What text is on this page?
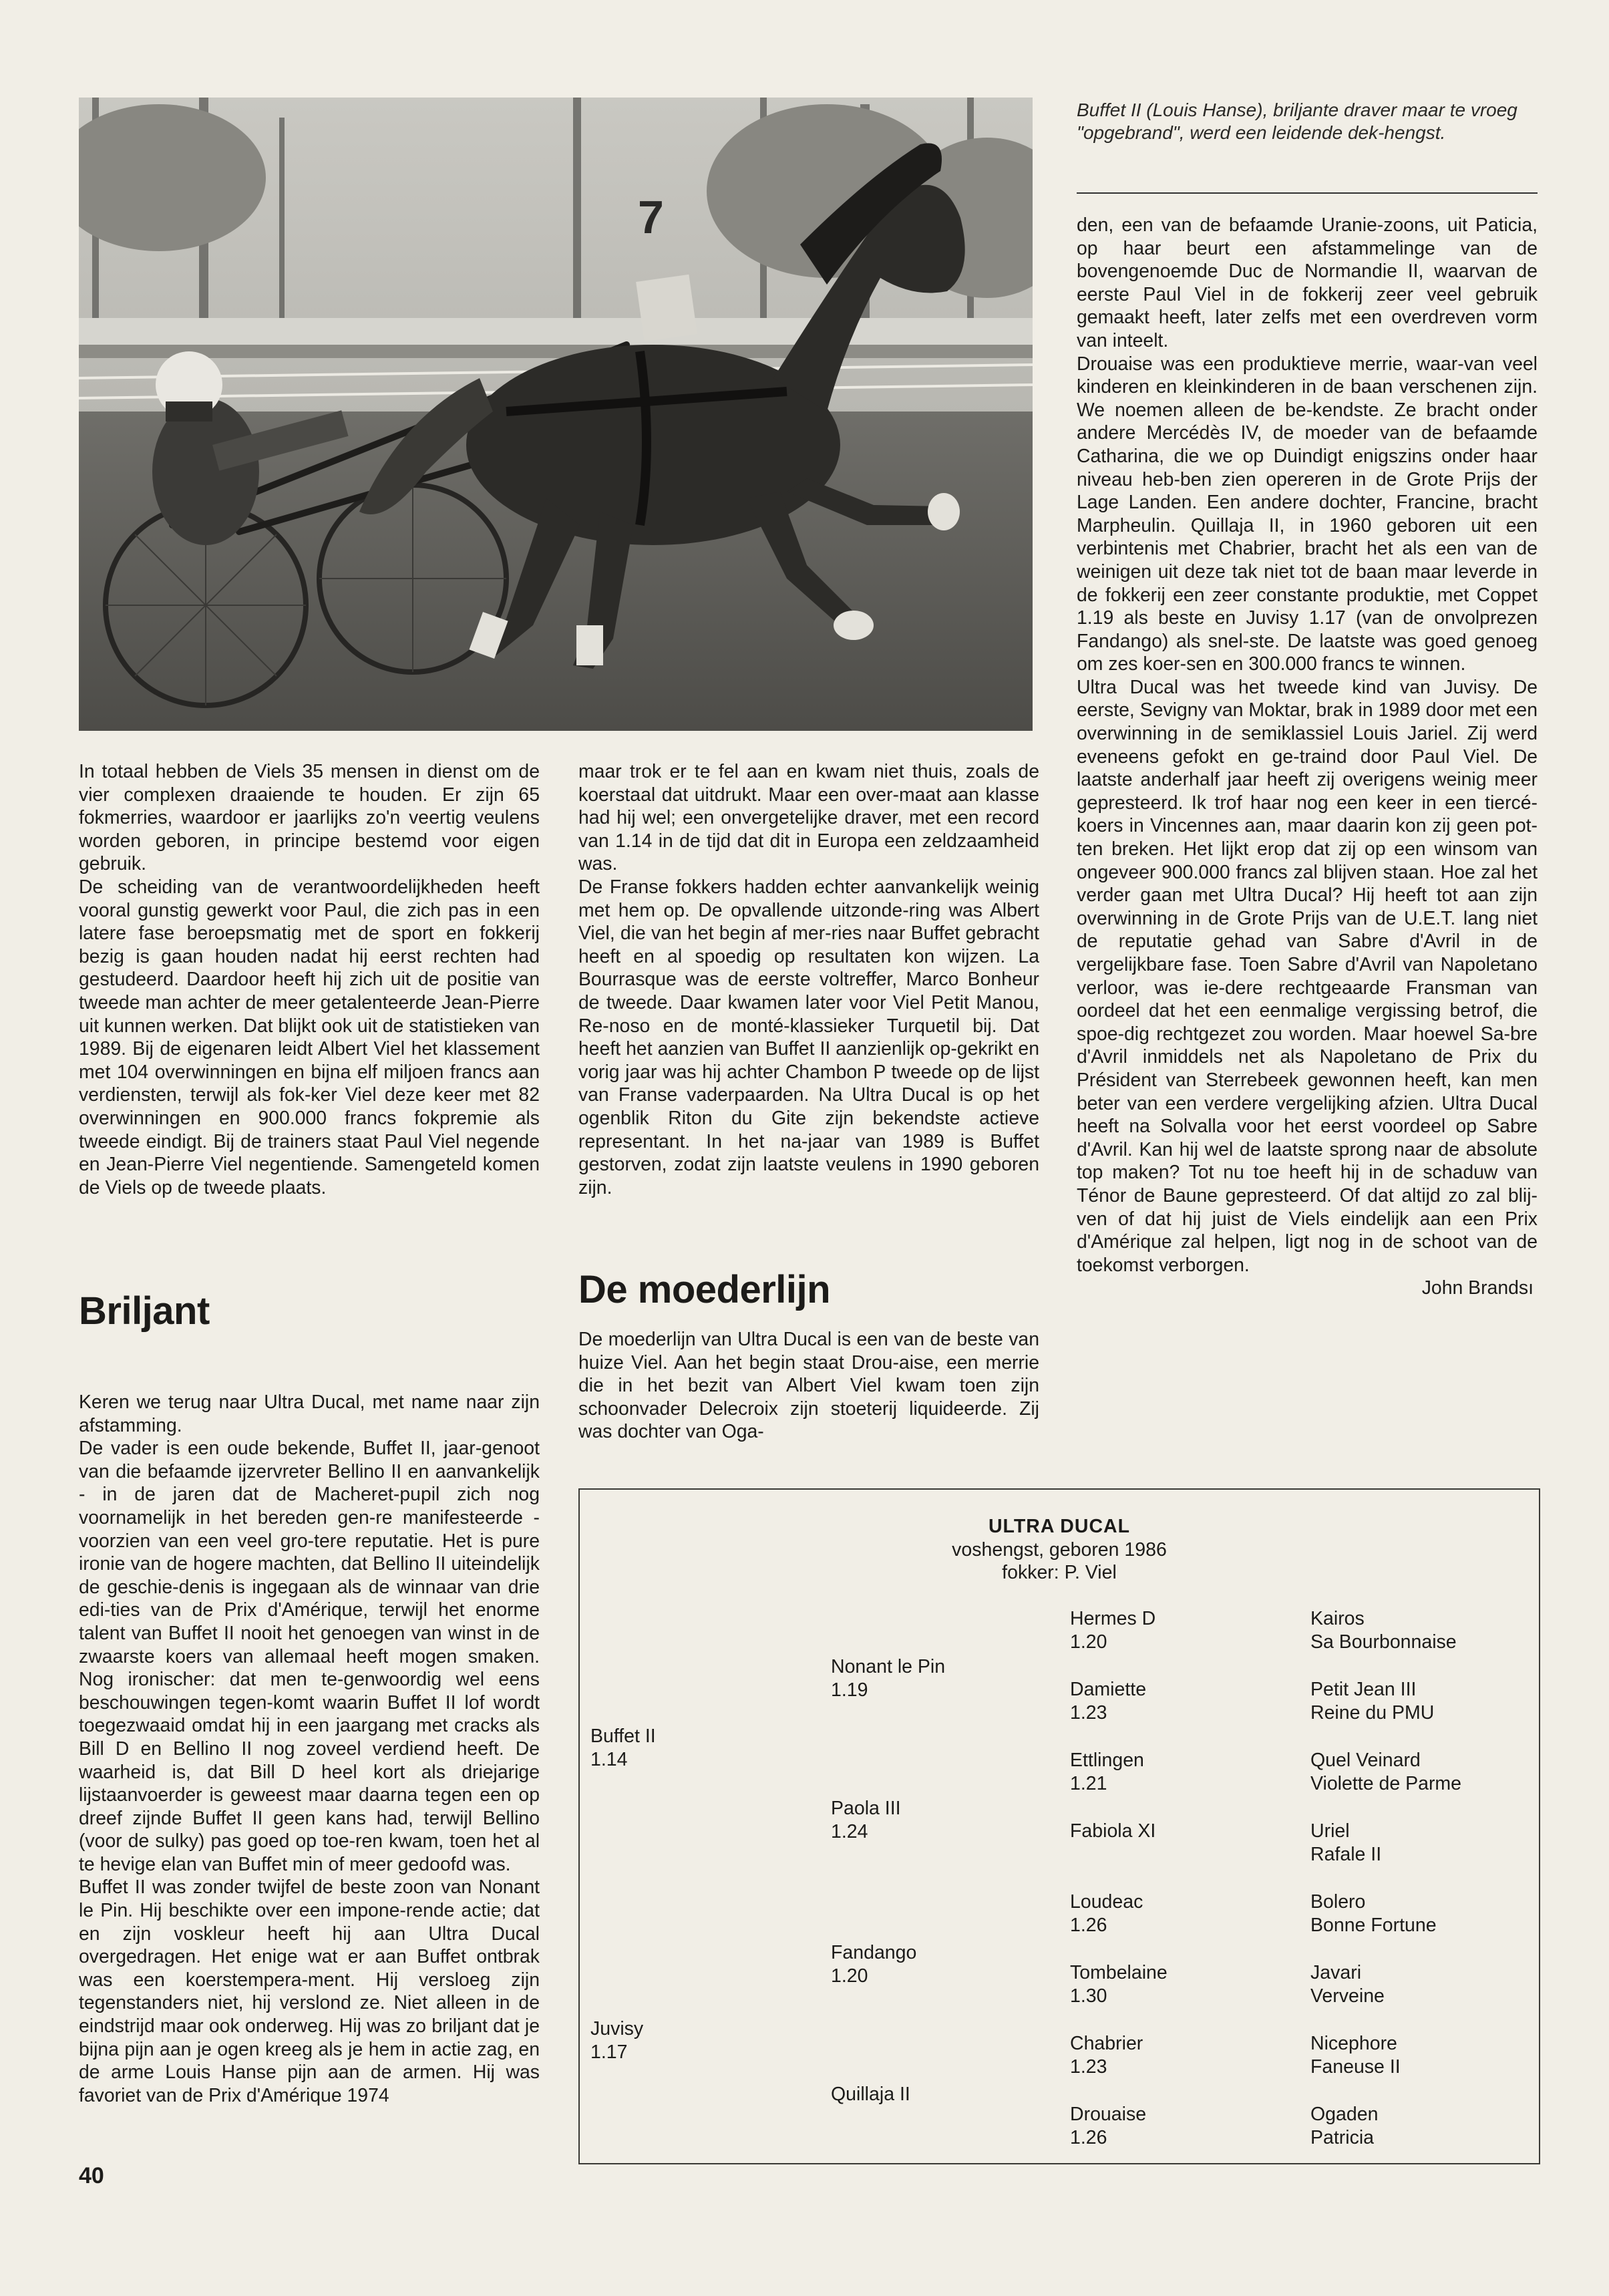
7
Buffet II (Louis Hanse), briljante draver maar te vroeg "opgebrand", werd een leidende dek-hengst.

In totaal hebben de Viels 35 mensen in dienst om de vier complexen draaiende te houden. Er zijn 65 fokmerries, waardoor er jaarlijks zo'n veertig veulens worden geboren, in principe bestemd voor eigen gebruik.

De scheiding van de verantwoordelijkheden heeft vooral gunstig gewerkt voor Paul, die zich pas in een latere fase beroepsmatig met de sport en fokkerij bezig is gaan houden nadat hij eerst rechten had gestudeerd. Daardoor heeft hij zich uit de positie van tweede man achter de meer getalenteerde Jean-Pierre uit kunnen werken. Dat blijkt ook uit de statistieken van 1989. Bij de eigenaren leidt Albert Viel het klassement met 104 overwinningen en bijna elf miljoen francs aan verdiensten, terwijl als fok-ker Viel deze keer met 82 overwinningen en 900.000 francs fokpremie als tweede eindigt. Bij de trainers staat Paul Viel negende en Jean-Pierre Viel negentiende. Samengeteld komen de Viels op de tweede plaats.

Briljant

Keren we terug naar Ultra Ducal, met name naar zijn afstamming.

De vader is een oude bekende, Buffet II, jaar-genoot van die befaamde ijzervreter Bellino II en aanvankelijk - in de jaren dat de Macheret-pupil zich nog voornamelijk in het bereden gen-re manifesteerde - voorzien van een veel gro-tere reputatie. Het is pure ironie van de hogere machten, dat Bellino II uiteindelijk de geschie-denis is ingegaan als de winnaar van drie edi-ties van de Prix d'Amérique, terwijl het enorme talent van Buffet II nooit het genoegen van winst in de zwaarste koers van allemaal heeft mogen smaken. Nog ironischer: dat men te-genwoordig wel eens beschouwingen tegen-komt waarin Buffet II lof wordt toegezwaaid omdat hij in een jaargang met cracks als Bill D en Bellino II nog zoveel verdiend heeft. De waarheid is, dat Bill D heel kort als driejarige lijstaanvoerder is geweest maar daarna tegen een op dreef zijnde Buffet II geen kans had, terwijl Bellino (voor de sulky) pas goed op toe-ren kwam, toen het al te hevige elan van Buffet min of meer gedoofd was.

Buffet II was zonder twijfel de beste zoon van Nonant le Pin. Hij beschikte over een impone-rende actie; dat en zijn voskleur heeft hij aan Ultra Ducal overgedragen. Het enige wat er aan Buffet ontbrak was een koerstempera-ment. Hij versloeg zijn tegenstanders niet, hij verslond ze. Niet alleen in de eindstrijd maar ook onderweg. Hij was zo briljant dat je bijna pijn aan je ogen kreeg als je hem in actie zag, en de arme Louis Hanse pijn aan de armen. Hij was favoriet van de Prix d'Amérique 1974

maar trok er te fel aan en kwam niet thuis, zoals de koerstaal dat uitdrukt. Maar een over-maat aan klasse had hij wel; een onvergetelijke draver, met een record van 1.14 in de tijd dat dit in Europa een zeldzaamheid was.

De Franse fokkers hadden echter aanvankelijk weinig met hem op. De opvallende uitzonde-ring was Albert Viel, die van het begin af mer-ries naar Buffet gebracht heeft en al spoedig op resultaten kon wijzen. La Bourrasque was de eerste voltreffer, Marco Bonheur de tweede. Daar kwamen later voor Viel Petit Manou, Re-noso en de monté-klassieker Turquetil bij. Dat heeft het aanzien van Buffet II aanzienlijk op-gekrikt en vorig jaar was hij achter Chambon P tweede op de lijst van Franse vaderpaarden. Na Ultra Ducal is op het ogenblik Riton du Gite zijn bekendste actieve representant. In het na-jaar van 1989 is Buffet gestorven, zodat zijn laatste veulens in 1990 geboren zijn.

De moederlijn

De moederlijn van Ultra Ducal is een van de beste van huize Viel. Aan het begin staat Drou-aise, een merrie die in het bezit van Albert Viel kwam toen zijn schoonvader Delecroix zijn stoeterij liquideerde. Zij was dochter van Oga-

den, een van de befaamde Uranie-zoons, uit Paticia, op haar beurt een afstammelinge van de bovengenoemde Duc de Normandie II, waarvan de eerste Paul Viel in de fokkerij zeer veel gebruik gemaakt heeft, later zelfs met een overdreven vorm van inteelt.

Drouaise was een produktieve merrie, waar-van veel kinderen en kleinkinderen in de baan verschenen zijn. We noemen alleen de be-kendste. Ze bracht onder andere Mercédès IV, de moeder van de befaamde Catharina, die we op Duindigt enigszins onder haar niveau heb-ben zien opereren in de Grote Prijs der Lage Landen. Een andere dochter, Francine, bracht Marpheulin. Quillaja II, in 1960 geboren uit een verbintenis met Chabrier, bracht het als een van de weinigen uit deze tak niet tot de baan maar leverde in de fokkerij een zeer constante produktie, met Coppet 1.19 als beste en Juvisy 1.17 (van de onvolprezen Fandango) als snel-ste. De laatste was goed genoeg om zes koer-sen en 300.000 francs te winnen.

Ultra Ducal was het tweede kind van Juvisy. De eerste, Sevigny van Moktar, brak in 1989 door met een overwinning in de semiklassiel Louis Jariel. Zij werd eveneens gefokt en ge-traind door Paul Viel. De laatste anderhalf jaar heeft zij overigens weinig meer gepresteerd. Ik trof haar nog een keer in een tiercé-koers in Vincennes aan, maar daarin kon zij geen pot-ten breken. Het lijkt erop dat zij op een winsom van ongeveer 900.000 francs zal blijven staan. Hoe zal het verder gaan met Ultra Ducal? Hij heeft tot aan zijn overwinning in de Grote Prijs van de U.E.T. lang niet de reputatie gehad van Sabre d'Avril in de vergelijkbare fase. Toen Sabre d'Avril van Napoletano verloor, was ie-dere rechtgeaarde Fransman van oordeel dat het een eenmalige vergissing betrof, die spoe-dig rechtgezet zou worden. Maar hoewel Sa-bre d'Avril inmiddels net als Napoletano de Prix du Président van Sterrebeek gewonnen heeft, kan men beter van een verdere vergelijking afzien. Ultra Ducal heeft na Solvalla voor het eerst voordeel op Sabre d'Avril. Kan hij wel de laatste sprong naar de absolute top maken? Tot nu toe heeft hij in de schaduw van Ténor de Baune gepresteerd. Of dat altijd zo zal blij-ven of dat hij juist de Viels eindelijk aan een Prix d'Amérique zal helpen, ligt nog in de schoot van de toekomst verborgen.

John Brandsı

ULTRA DUCAL
voshengst, geboren 1986
fokker: P. Viel
Buffet II
1.14
Juvisy
1.17
Nonant le Pin
1.19
Paola III
1.24
Fandango
1.20
Quillaja II
Hermes D
1.20
Damiette
1.23
Ettlingen
1.21
Fabiola XI
Loudeac
1.26
Tombelaine
1.30
Chabrier
1.23
Drouaise
1.26
Kairos
Sa Bourbonnaise
Petit Jean III
Reine du PMU
Quel Veinard
Violette de Parme
Uriel
Rafale II
Bolero
Bonne Fortune
Javari
Verveine
Nicephore
Faneuse II
Ogaden
Patricia
40
